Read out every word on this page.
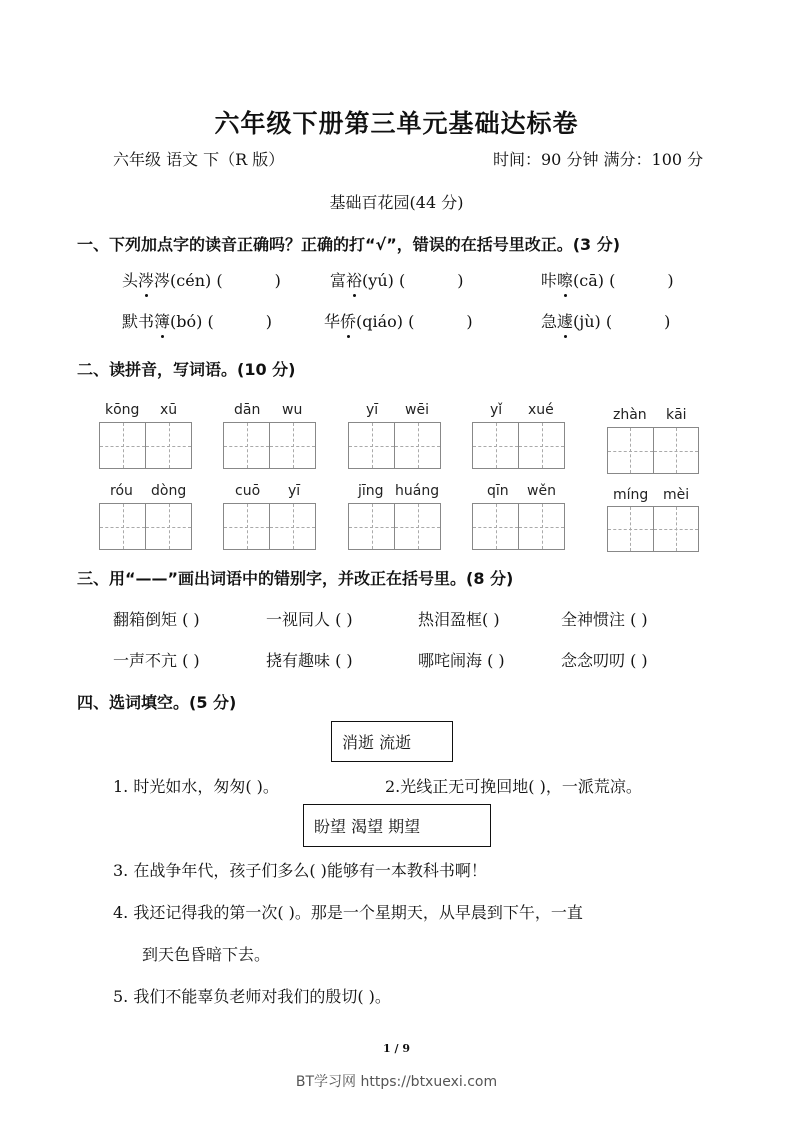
六年级下册第三单元基础达标卷
六年级 语文 下（R 版）	时间：90 分钟 满分：100 分
基础百花园(44 分)
一、下列加点字的读音正确吗？正确的打“√”，错误的在括号里改正。(3 分)
头涔涔(cén) (	)	富裕(yú) (	)	咔嚓(cā) (	)
默书簿(bó) (	)	华侨(qiáo) (	)	急遽(jù) (	)
二、读拼音，写词语。(10 分)
kōng xū	dān wu	yī wēi	yǐ xué	zhàn kāi
róu dòng	cuō yī	jīng huáng	qīn wěn	míng mèi
三、用“——”画出词语中的错别字，并改正在括号里。(8 分)
翻箱倒矩 ( )	一视同人 ( )	热泪盈框( )	全神惯注 ( )
一声不亢 ( )	挠有趣味 ( )	哪咤闹海 ( )	念念叨叨 ( )
四、选词填空。(5 分)
消逝 流逝
1. 时光如水，匆匆( )。	2.光线正无可挽回地( )，一派荒凉。
盼望 渴望 期望
3. 在战争年代，孩子们多么( )能够有一本教科书啊！
4. 我还记得我的第一次( )。那是一个星期天，从早晨到下午，一直
到天色昏暗下去。
5. 我们不能辜负老师对我们的殷切( )。
1 / 9
BT学习网 https://btxuexi.com
